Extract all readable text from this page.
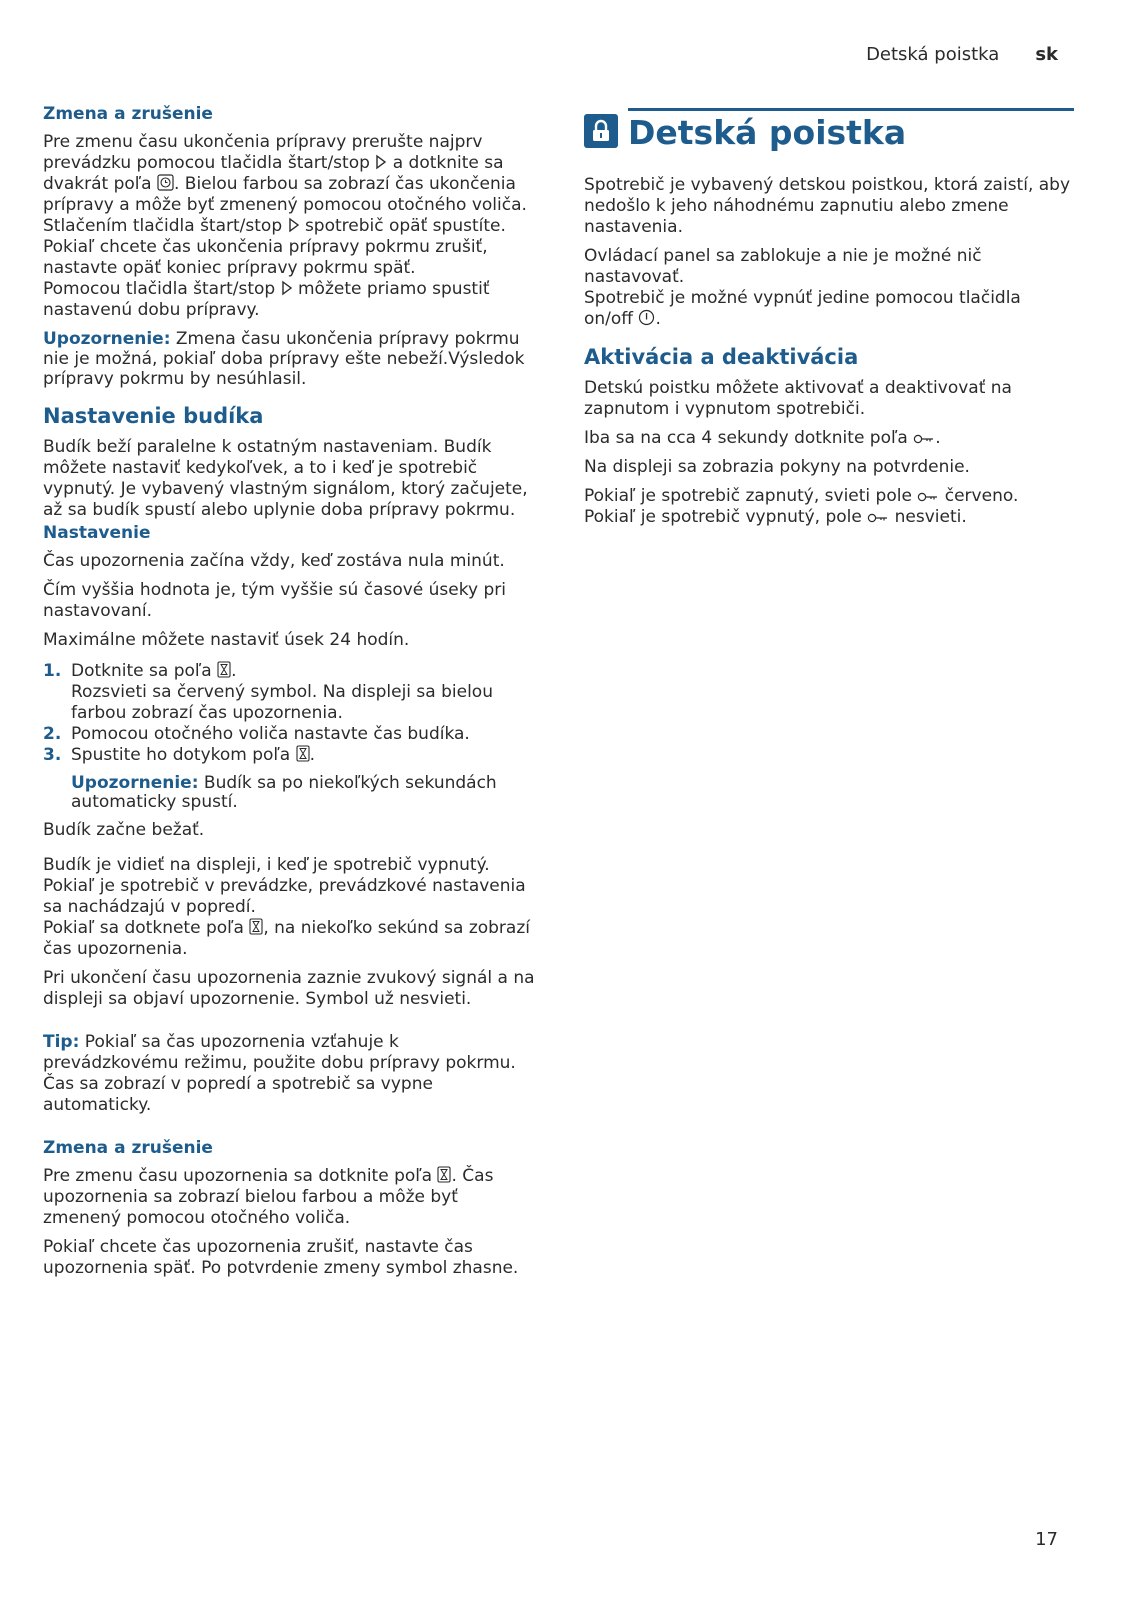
Detská poistka sk
Zmena a zrušenie

Pre zmenu času ukončenia prípravy prerušte najprv prevádzku pomocou tlačidla štart/stop a dotknite sa dvakrát poľa . Bielou farbou sa zobrazí čas ukončenia prípravy a môže byť zmenený pomocou otočného voliča. Stlačením tlačidla štart/stop spotrebič opäť spustíte.

Pokiaľ chcete čas ukončenia prípravy pokrmu zrušiť, nastavte opäť koniec prípravy pokrmu späť.

Pomocou tlačidla štart/stop môžete priamo spustiť nastavenú dobu prípravy.

Upozornenie: Zmena času ukončenia prípravy pokrmu nie je možná, pokiaľ doba prípravy ešte nebeží.Výsledok prípravy pokrmu by nesúhlasil.

Nastavenie budíka

Budík beží paralelne k ostatným nastaveniam. Budík môžete nastaviť kedykoľvek, a to i keď je spotrebič vypnutý. Je vybavený vlastným signálom, ktorý začujete, až sa budík spustí alebo uplynie doba prípravy pokrmu.

Nastavenie

Čas upozornenia začína vždy, keď zostáva nula minút.

Čím vyššia hodnota je, tým vyššie sú časové úseky pri nastavovaní.

Maximálne môžete nastaviť úsek 24 hodín.

1. Dotknite sa poľa .
Rozsvieti sa červený symbol. Na displeji sa bielou farbou zobrazí čas upozornenia.
2. Pomocou otočného voliča nastavte čas budíka.
3. Spustite ho dotykom poľa .
Upozornenie: Budík sa po niekoľkých sekundách automaticky spustí.

Budík začne bežať.

Budík je vidieť na displeji, i keď je spotrebič vypnutý. Pokiaľ je spotrebič v prevádzke, prevádzkové nastavenia sa nachádzajú v popredí.

Pokiaľ sa dotknete poľa , na niekoľko sekúnd sa zobrazí čas upozornenia.

Pri ukončení času upozornenia zaznie zvukový signál a na displeji sa objaví upozornenie. Symbol už nesvieti.

Tip: Pokiaľ sa čas upozornenia vzťahuje k prevádzkovému režimu, použite dobu prípravy pokrmu. Čas sa zobrazí v popredí a spotrebič sa vypne automaticky.

Zmena a zrušenie

Pre zmenu času upozornenia sa dotknite poľa . Čas upozornenia sa zobrazí bielou farbou a môže byť zmenený pomocou otočného voliča.

Pokiaľ chcete čas upozornenia zrušiť, nastavte čas upozornenia späť. Po potvrdenie zmeny symbol zhasne.

Detská poistka

Spotrebič je vybavený detskou poistkou, ktorá zaistí, aby nedošlo k jeho náhodnému zapnutiu alebo zmene nastavenia.

Ovládací panel sa zablokuje a nie je možné nič nastavovať.

Spotrebič je možné vypnúť jedine pomocou tlačidla on/off .

Aktivácia a deaktivácia

Detskú poistku môžete aktivovať a deaktivovať na zapnutom i vypnutom spotrebiči.

Iba sa na cca 4 sekundy dotknite poľa .

Na displeji sa zobrazia pokyny na potvrdenie.

Pokiaľ je spotrebič zapnutý, svieti pole červeno. Pokiaľ je spotrebič vypnutý, pole nesvieti.

17
